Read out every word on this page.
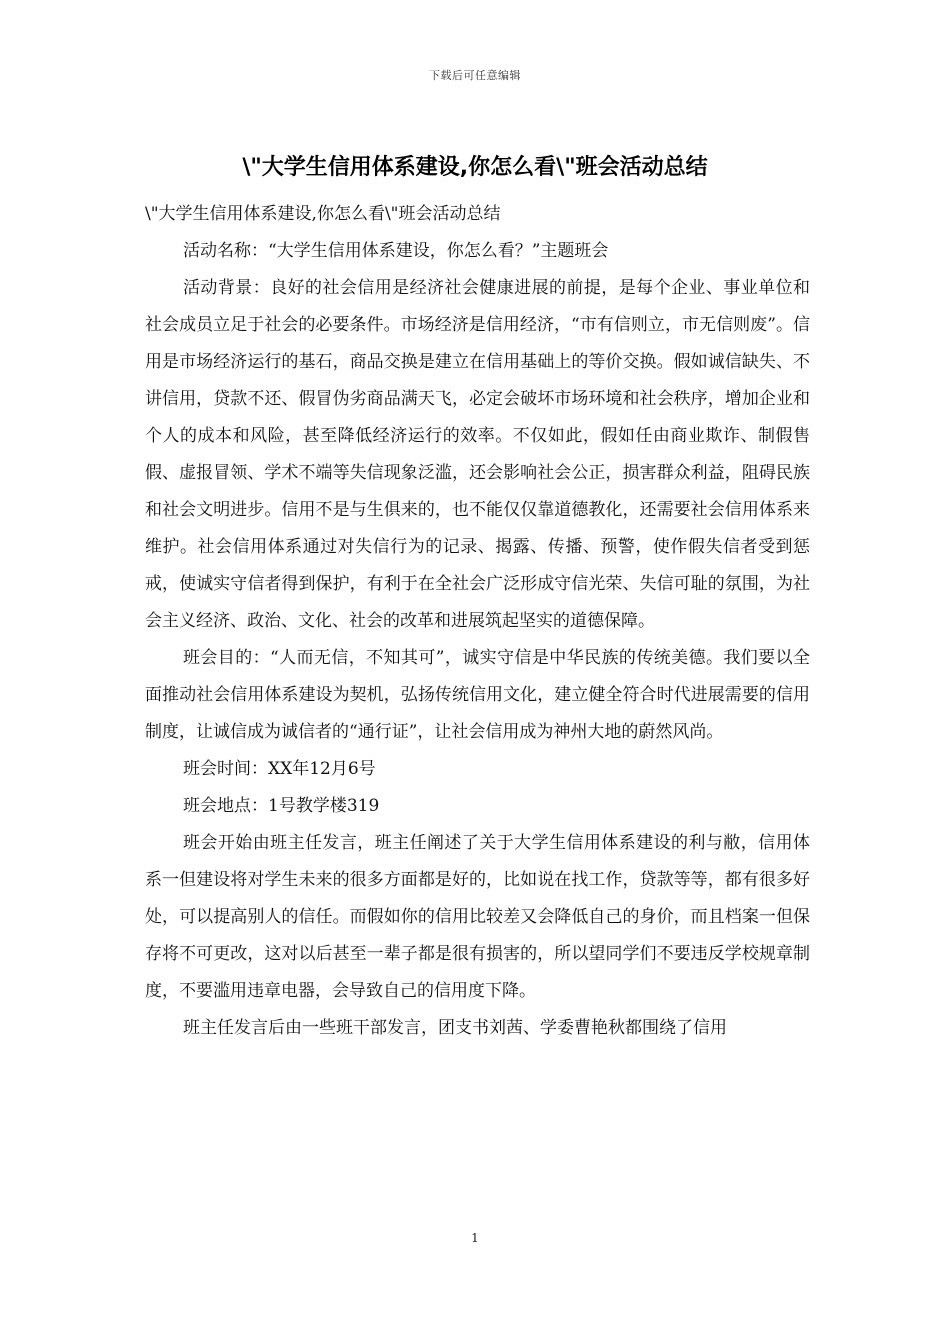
下载后可任意编辑
\"大学生信用体系建设,你怎么看\"班会活动总结

\"大学生信用体系建设,你怎么看\"班会活动总结

活动名称：“大学生信用体系建设，你怎么看？”主题班会

活动背景：良好的社会信用是经济社会健康进展的前提，是每个企业、事业单位和社会成员立足于社会的必要条件。市场经济是信用经济，“市有信则立，市无信则废”。信用是市场经济运行的基石，商品交换是建立在信用基础上的等价交换。假如诚信缺失、不讲信用，贷款不还、假冒伪劣商品满天飞，必定会破坏市场环境和社会秩序，增加企业和个人的成本和风险，甚至降低经济运行的效率。不仅如此，假如任由商业欺诈、制假售假、虚报冒领、学术不端等失信现象泛滥，还会影响社会公正，损害群众利益，阻碍民族和社会文明进步。信用不是与生俱来的，也不能仅仅靠道德教化，还需要社会信用体系来维护。社会信用体系通过对失信行为的记录、揭露、传播、预警，使作假失信者受到惩戒，使诚实守信者得到保护，有利于在全社会广泛形成守信光荣、失信可耻的氛围，为社会主义经济、政治、文化、社会的改革和进展筑起坚实的道德保障。

班会目的：“人而无信，不知其可”，诚实守信是中华民族的传统美德。我们要以全面推动社会信用体系建设为契机，弘扬传统信用文化，建立健全符合时代进展需要的信用制度，让诚信成为诚信者的“通行证”，让社会信用成为神州大地的蔚然风尚。

班会时间：XX年12月6号

班会地点：1号教学楼319

班会开始由班主任发言，班主任阐述了关于大学生信用体系建设的利与敝，信用体系一但建设将对学生未来的很多方面都是好的，比如说在找工作，贷款等等，都有很多好处，可以提高别人的信任。而假如你的信用比较差又会降低自己的身价，而且档案一但保存将不可更改，这对以后甚至一辈子都是很有损害的，所以望同学们不要违反学校规章制度，不要滥用违章电器，会导致自己的信用度下降。

班主任发言后由一些班干部发言，团支书刘茜、学委曹艳秋都围绕了信用

1
